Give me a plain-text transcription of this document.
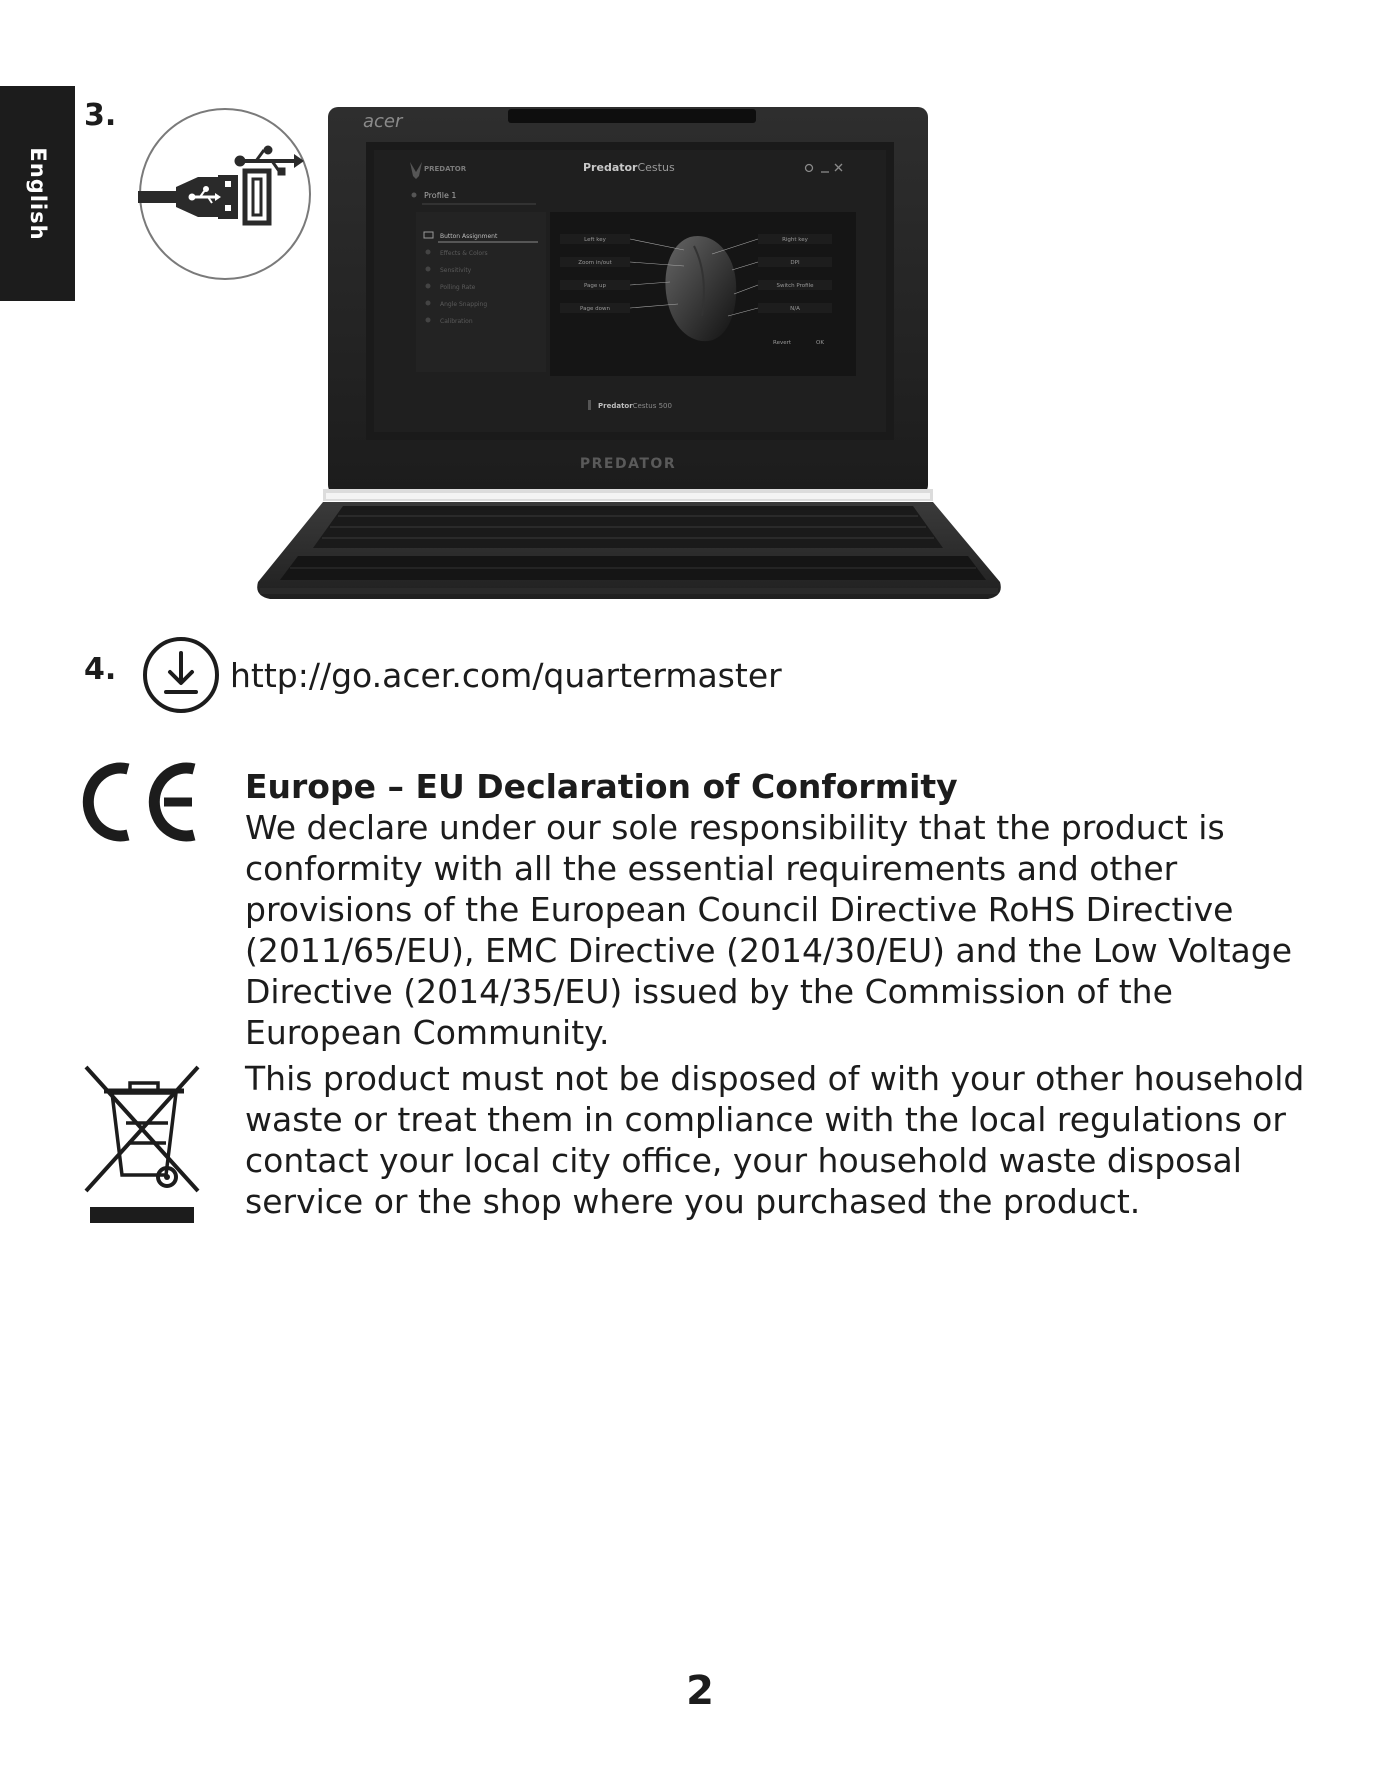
English
3.	acer
PREDATOR	PredatorCestus
Profile 1
Button Assignment
Effects & Colors
Sensitivity
Polling Rate
Angle Snapping
Calibration
Left key
Zoom in/out
Page up
Page down
Right key
DPI
Switch Profile
N/A
Revert	OK
PredatorCestus 500
PREDATOR
4.	http://go.acer.com/quartermaster
Europe – EU Declaration of Conformity
We declare under our sole responsibility that the product is conformity with all the essential requirements and other provisions of the European Council Directive RoHS Directive (2011/65/EU), EMC Directive (2014/30/EU) and the Low Voltage Directive (2014/35/EU) issued by the Commission of the European Community.
This product must not be disposed of with your other household waste or treat them in compliance with the local regulations or contact your local city office, your household waste disposal service or the shop where you purchased the product.
2
